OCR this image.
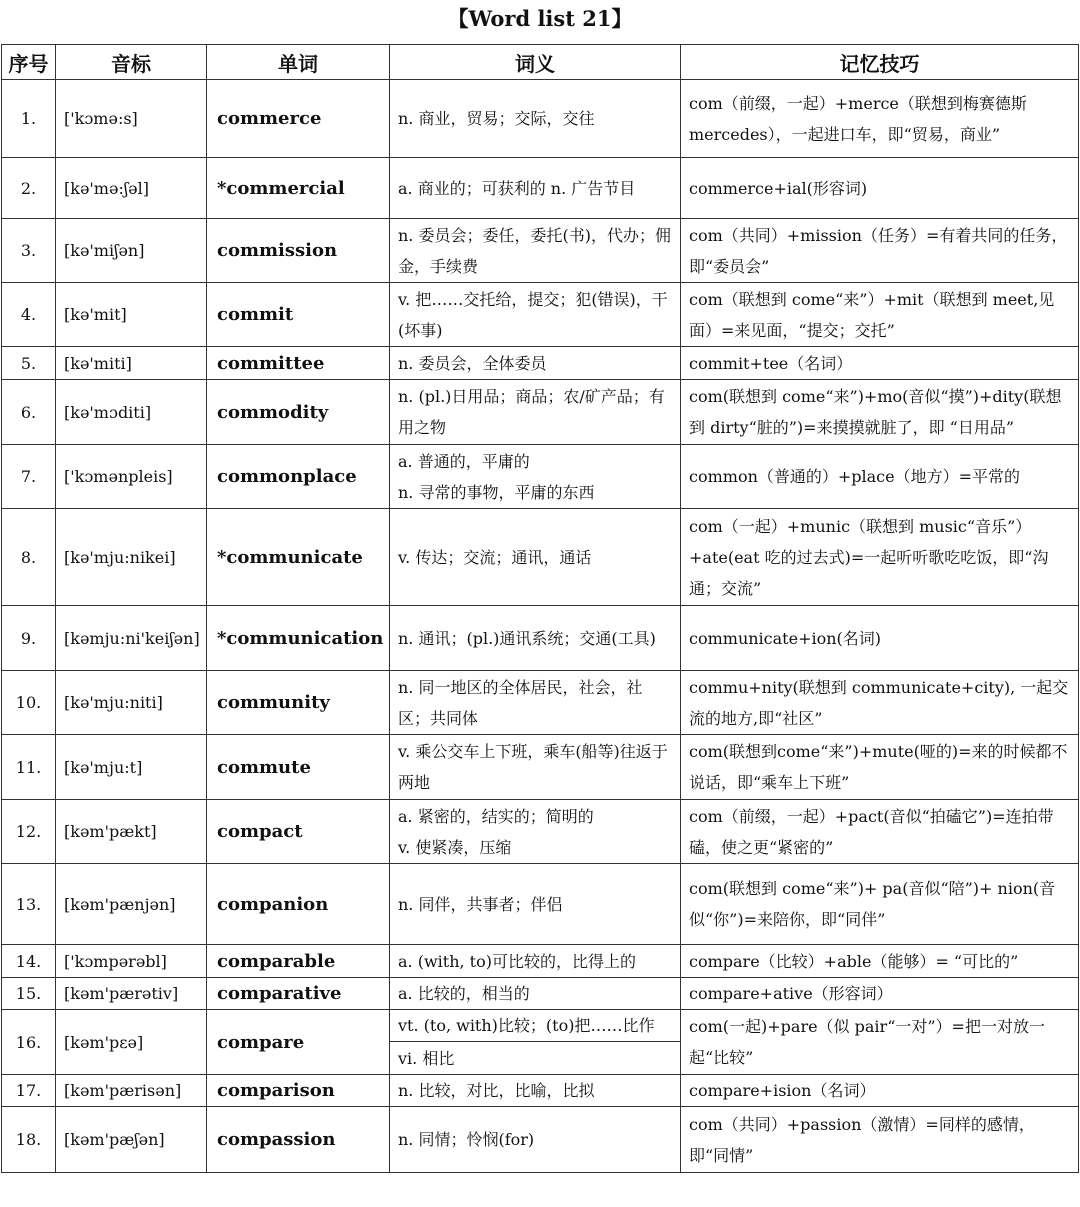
【Word list 21】
序号	音标	单词	词义	记忆技巧
1.	['kɔmə:s]	commerce	n. 商业，贸易；交际，交往	com（前缀，一起）+merce（联想到梅赛德斯mercedes），一起进口车，即“贸易，商业”
2.	[kə'mə:ʃəl]	*commercial	a. 商业的；可获利的 n. 广告节目	commerce+ial(形容词)
3.	[kə'miʃən]	commission	n. 委员会；委任，委托(书)，代办；佣金，手续费	com（共同）+mission（任务）=有着共同的任务，即“委员会”
4.	[kə'mit]	commit	v. 把……交托给，提交；犯(错误)，干(坏事)	com（联想到 come“来”）+mit（联想到 meet,见面）=来见面，“提交；交托”
5.	[kə'miti]	committee	n. 委员会，全体委员	commit+tee（名词）
6.	[kə'mɔditi]	commodity	n. (pl.)日用品；商品；农/矿产品；有用之物	com(联想到 come“来”)+mo(音似“摸”)+dity(联想到 dirty“脏的”)=来摸摸就脏了，即 “日用品”
7.	['kɔmənpleis]	commonplace	a. 普通的，平庸的
n. 寻常的事物，平庸的东西	common（普通的）+place（地方）=平常的
8.	[kə'mju:nikei]	*communicate	v. 传达；交流；通讯，通话	com（一起）+munic（联想到 music“音乐”）+ate(eat 吃的过去式)=一起听听歌吃吃饭，即“沟通；交流”
9.	[kəmju:ni'keiʃən]	*communication	n. 通讯；(pl.)通讯系统；交通(工具)	communicate+ion(名词)
10.	[kə'mju:niti]	community	n. 同一地区的全体居民，社会，社区；共同体	commu+nity(联想到 communicate+city), 一起交流的地方,即“社区”
11.	[kə'mju:t]	commute	v. 乘公交车上下班，乘车(船等)往返于两地	com(联想到come“来”)+mute(哑的)=来的时候都不说话，即“乘车上下班”
12.	[kəm'pækt]	compact	a. 紧密的，结实的；简明的
v. 使紧凑，压缩	com（前缀，一起）+pact(音似“拍磕它”)=连拍带磕，使之更“紧密的”
13.	[kəm'pænjən]	companion	n. 同伴，共事者；伴侣	com(联想到 come“来”)+ pa(音似“陪”)+ nion(音似“你”)=来陪你，即“同伴”
14.	['kɔmpərəbl]	comparable	a. (with, to)可比较的，比得上的	compare（比较）+able（能够）= “可比的”
15.	[kəm'pærətiv]	comparative	a. 比较的，相当的	compare+ative（形容词）
16.	[kəm'pεə]	compare	vt. (to, with)比较；(to)把……比作	com(一起)+pare（似 pair“一对”）=把一对放一起“比较”
			vi. 相比	
17.	[kəm'pærisən]	comparison	n. 比较，对比，比喻，比拟	compare+ision（名词）
18.	[kəm'pæʃən]	compassion	n. 同情；怜悯(for)	com（共同）+passion（激情）=同样的感情，即“同情”
